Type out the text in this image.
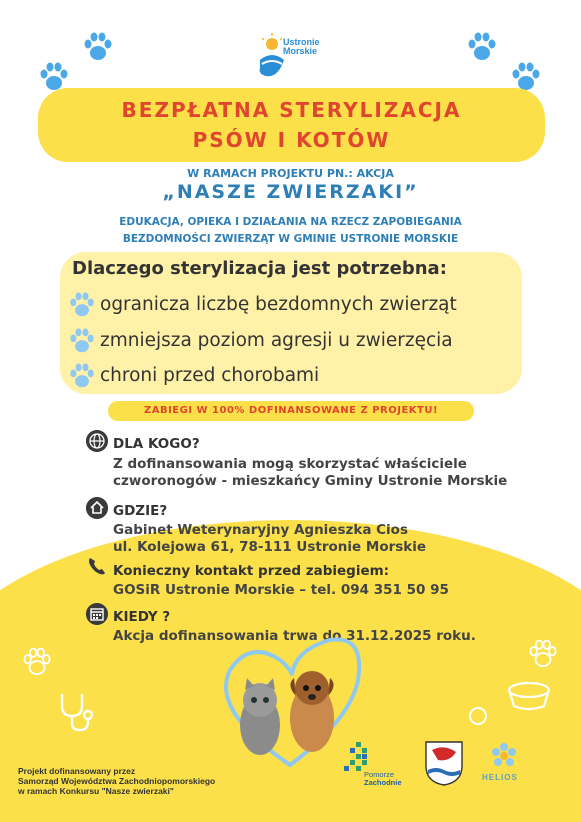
Ustronie
Morskie
BEZPŁATNA STERYLIZACJA
PSÓW I KOTÓW
W RAMACH PROJEKTU PN.: AKCJA
„NASZE ZWIERZAKI”
EDUKACJA, OPIEKA I DZIAŁANIA NA RZECZ ZAPOBIEGANIA
BEZDOMNOŚCI ZWIERZĄT W GMINIE USTRONIE MORSKIE
Dlaczego sterylizacja jest potrzebna:
ogranicza liczbę bezdomnych zwierząt
zmniejsza poziom agresji u zwierzęcia
chroni przed chorobami
ZABIEGI W 100% DOFINANSOWANE Z PROJEKTU!
DLA KOGO?
Z dofinansowania mogą skorzystać właściciele
czworonogów - mieszkańcy Gminy Ustronie Morskie
GDZIE?
Gabinet Weterynaryjny Agnieszka Cios
ul. Kolejowa 61, 78-111 Ustronie Morskie
Konieczny kontakt przed zabiegiem:
GOSiR Ustronie Morskie – tel. 094 351 50 95
KIEDY ?
Akcja dofinansowania trwa do 31.12.2025 roku.
Projekt dofinansowany przez
Samorząd Województwa Zachodniopomorskiego
w ramach Konkursu "Nasze zwierzaki"
Pomorze
Zachodnie
HELIOS
